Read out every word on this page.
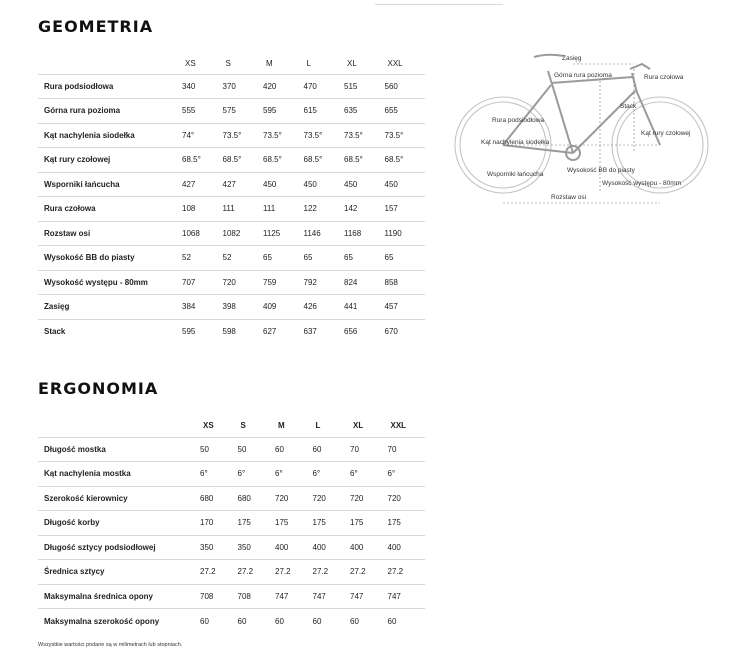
GEOMETRIA
	XS	S	M	L	XL	XXL
Rura podsiodłowa	340	370	420	470	515	560
Górna rura pozioma	555	575	595	615	635	655
Kąt nachylenia siodełka	74°	73.5°	73.5°	73.5°	73.5°	73.5°
Kąt rury czołowej	68.5°	68.5°	68.5°	68.5°	68.5°	68.5°
Wsporniki łańcucha	427	427	450	450	450	450
Rura czołowa	108	111	111	122	142	157
Rozstaw osi	1068	1082	1125	1146	1168	1190
Wysokość BB do piasty	52	52	65	65	65	65
Wysokość występu - 80mm	707	720	759	792	824	858
Zasięg	384	398	409	426	441	457
Stack	595	598	627	637	656	670
Zasięg
Górna rura pozioma	Rura czołowa
Stack
Rura podsiodłowa
Kąt nachylenia siodełka
Kąt rury czołowej
Wysokość BB do piasty
Wsporniki łańcucha
Wysokość występu - 80mm
Rozstaw osi
ERGONOMIA
	XS	S	M	L	XL	XXL
Długość mostka	50	50	60	60	70	70
Kąt nachylenia mostka	6°	6°	6°	6°	6°	6°
Szerokość kierownicy	680	680	720	720	720	720
Długość korby	170	175	175	175	175	175
Długość sztycy podsiodłowej	350	350	400	400	400	400
Średnica sztycy	27.2	27.2	27.2	27.2	27.2	27.2
Maksymalna średnica opony	708	708	747	747	747	747
Maksymalna szerokość opony	60	60	60	60	60	60
Wszystkie wartości podane są w milimetrach lub stopniach.
